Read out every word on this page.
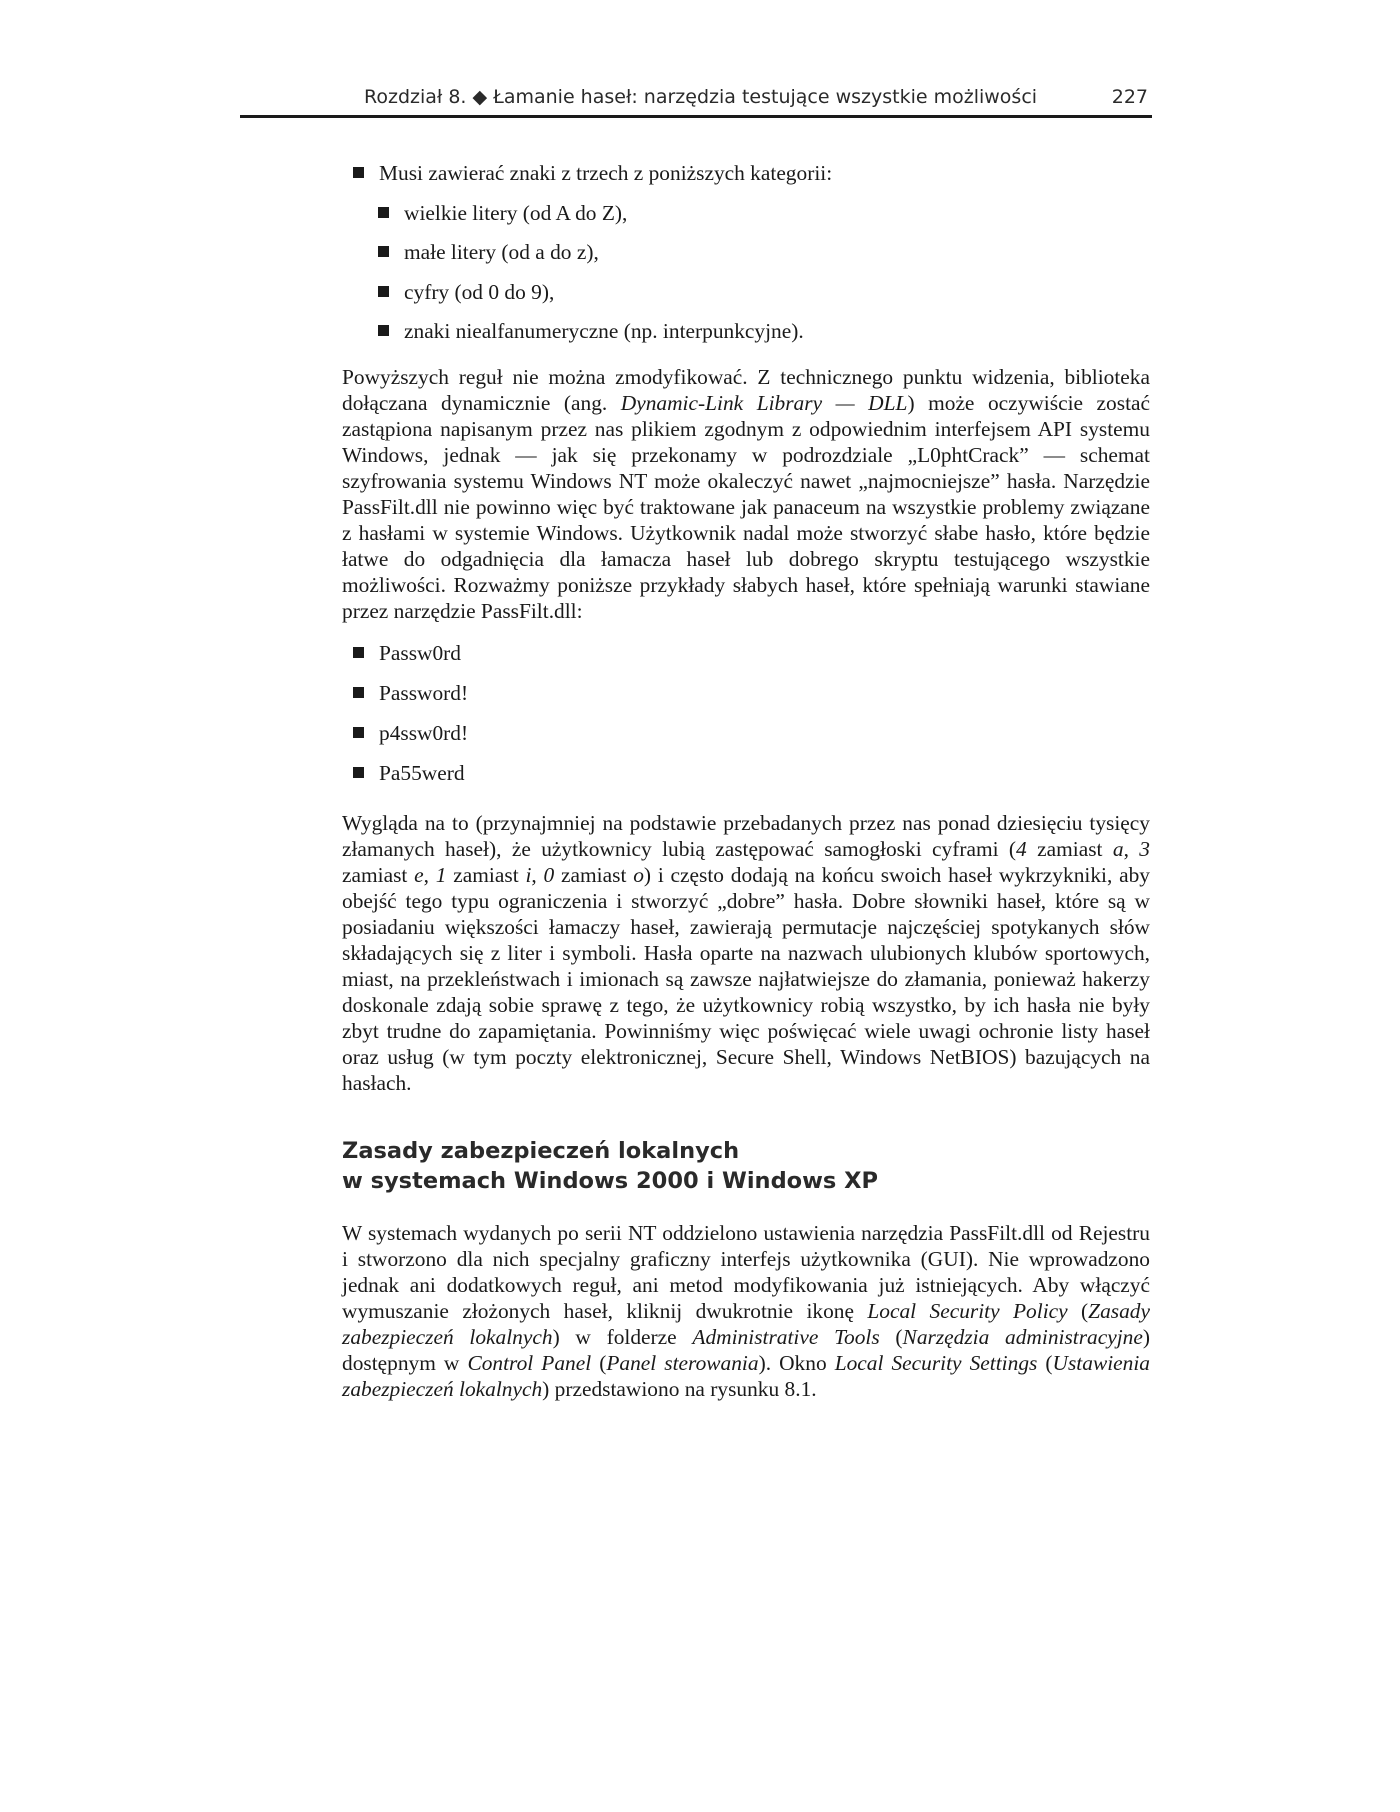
Rozdział 8. ◆ Łamanie haseł: narzędzia testujące wszystkie możliwości	227
Musi zawierać znaki z trzech z poniższych kategorii:
wielkie litery (od A do Z),
małe litery (od a do z),
cyfry (od 0 do 9),
znaki niealfanumeryczne (np. interpunkcyjne).

Powyższych reguł nie można zmodyfikować. Z technicznego punktu widzenia, biblioteka dołączana dynamicznie (ang. Dynamic-Link Library — DLL) może oczywiście zostać zastąpiona napisanym przez nas plikiem zgodnym z odpowiednim interfejsem API systemu Windows, jednak — jak się przekonamy w podrozdziale „L0phtCrack” — schemat szyfrowania systemu Windows NT może okaleczyć nawet „najmocniejsze” hasła. Narzędzie PassFilt.dll nie powinno więc być traktowane jak panaceum na wszystkie problemy związane z hasłami w systemie Windows. Użytkownik nadal może stworzyć słabe hasło, które będzie łatwe do odgadnięcia dla łamacza haseł lub dobrego skryptu testującego wszystkie możliwości. Rozważmy poniższe przykłady słabych haseł, które spełniają warunki stawiane przez narzędzie PassFilt.dll:

Passw0rd
Password!
p4ssw0rd!
Pa55werd

Wygląda na to (przynajmniej na podstawie przebadanych przez nas ponad dziesięciu tysięcy złamanych haseł), że użytkownicy lubią zastępować samogłoski cyframi (4 zamiast a, 3 zamiast e, 1 zamiast i, 0 zamiast o) i często dodają na końcu swoich haseł wykrzykniki, aby obejść tego typu ograniczenia i stworzyć „dobre” hasła. Dobre słowniki haseł, które są w posiadaniu większości łamaczy haseł, zawierają permutacje najczęściej spotykanych słów składających się z liter i symboli. Hasła oparte na nazwach ulubionych klubów sportowych, miast, na przekleństwach i imionach są zawsze najłatwiejsze do złamania, ponieważ hakerzy doskonale zdają sobie sprawę z tego, że użytkownicy robią wszystko, by ich hasła nie były zbyt trudne do zapamiętania. Powinniśmy więc poświęcać wiele uwagi ochronie listy haseł oraz usług (w tym poczty elektronicznej, Secure Shell, Windows NetBIOS) bazujących na hasłach.

Zasady zabezpieczeń lokalnych
w systemach Windows 2000 i Windows XP

W systemach wydanych po serii NT oddzielono ustawienia narzędzia PassFilt.dll od Rejestru i stworzono dla nich specjalny graficzny interfejs użytkownika (GUI). Nie wprowadzono jednak ani dodatkowych reguł, ani metod modyfikowania już istniejących. Aby włączyć wymuszanie złożonych haseł, kliknij dwukrotnie ikonę Local Security Policy (Zasady zabezpieczeń lokalnych) w folderze Administrative Tools (Narzędzia administracyjne) dostępnym w Control Panel (Panel sterowania). Okno Local Security Settings (Ustawienia zabezpieczeń lokalnych) przedstawiono na rysunku 8.1.
